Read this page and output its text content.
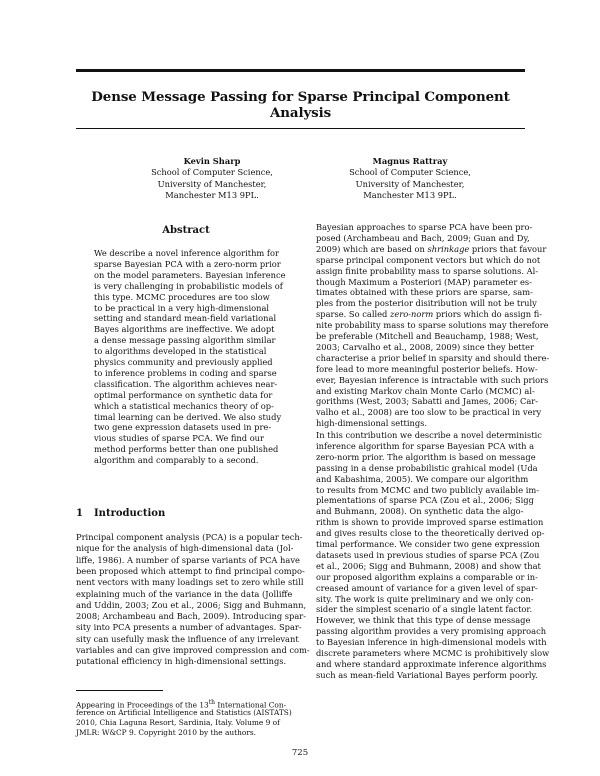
Dense Message Passing for Sparse Principal Component Analysis
Kevin Sharp
School of Computer Science,
University of Manchester,
Manchester M13 9PL.
Magnus Rattray
School of Computer Science,
University of Manchester,
Manchester M13 9PL.
Abstract
We describe a novel inference algorithm for
sparse Bayesian PCA with a zero-norm prior
on the model parameters. Bayesian inference
is very challenging in probabilistic models of
this type. MCMC procedures are too slow
to be practical in a very high-dimensional
setting and standard mean-field variational
Bayes algorithms are ineffective. We adopt
a dense message passing algorithm similar
to algorithms developed in the statistical
physics community and previously applied
to inference problems in coding and sparse
classification. The algorithm achieves near-
optimal performance on synthetic data for
which a statistical mechanics theory of op-
timal learning can be derived. We also study
two gene expression datasets used in pre-
vious studies of sparse PCA. We find our
method performs better than one published
algorithm and comparably to a second.
1 Introduction
Principal component analysis (PCA) is a popular tech-
nique for the analysis of high-dimensional data (Jol-
liffe, 1986). A number of sparse variants of PCA have
been proposed which attempt to find principal compo-
nent vectors with many loadings set to zero while still
explaining much of the variance in the data (Jolliffe
and Uddin, 2003; Zou et al., 2006; Sigg and Buhmann,
2008; Archambeau and Bach, 2009). Introducing spar-
sity into PCA presents a number of advantages. Spar-
sity can usefully mask the influence of any irrelevant
variables and can give improved compression and com-
putational efficiency in high-dimensional settings.
Appearing in Proceedings of the 13th International Con-
ference on Artificial Intelligence and Statistics (AISTATS)
2010, Chia Laguna Resort, Sardinia, Italy. Volume 9 of
JMLR: W&CP 9. Copyright 2010 by the authors.
Bayesian approaches to sparse PCA have been pro-
posed (Archambeau and Bach, 2009; Guan and Dy,
2009) which are based on shrinkage priors that favour
sparse principal component vectors but which do not
assign finite probability mass to sparse solutions. Al-
though Maximum a Posteriori (MAP) parameter es-
timates obtained with these priors are sparse, sam-
ples from the posterior disitribution will not be truly
sparse. So called zero-norm priors which do assign fi-
nite probability mass to sparse solutions may therefore
be preferable (Mitchell and Beauchamp, 1988; West,
2003; Carvalho et al., 2008, 2009) since they better
characterise a prior belief in sparsity and should there-
fore lead to more meaningful posterior beliefs. How-
ever, Bayesian inference is intractable with such priors
and existing Markov chain Monte Carlo (MCMC) al-
gorithms (West, 2003; Sabatti and James, 2006; Car-
valho et al., 2008) are too slow to be practical in very
high-dimensional settings.
In this contribution we describe a novel deterministic
inference algorithm for sparse Bayesian PCA with a
zero-norm prior. The algorithm is based on message
passing in a dense probabilistic grahical model (Uda
and Kabashima, 2005). We compare our algorithm
to results from MCMC and two publicly available im-
plementations of sparse PCA (Zou et al., 2006; Sigg
and Buhmann, 2008). On synthetic data the algo-
rithm is shown to provide improved sparse estimation
and gives results close to the theoretically derived op-
timal performance. We consider two gene expression
datasets used in previous studies of sparse PCA (Zou
et al., 2006; Sigg and Buhmann, 2008) and show that
our proposed algorithm explains a comparable or in-
creased amount of variance for a given level of spar-
sity. The work is quite preliminary and we only con-
sider the simplest scenario of a single latent factor.
However, we think that this type of dense message
passing algorithm provides a very promising approach
to Bayesian inference in high-dimensional models with
discrete parameters where MCMC is prohibitively slow
and where standard approximate inference algorithms
such as mean-field Variational Bayes perform poorly.
725
